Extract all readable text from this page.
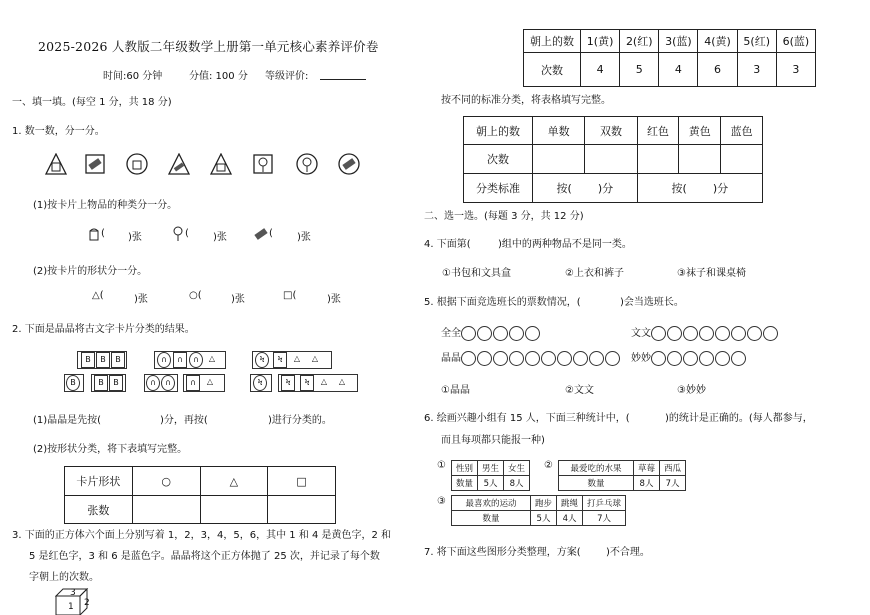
2025-2026 人教版二年级数学上册第一单元核心素养评价卷
时间:60 分钟	分值: 100 分 等级评价:
一、填一填。(每空 1 分，共 18 分)
1. 数一数，分一分。
(1)按卡片上物品的种类分一分。
( )张	( )张	( )张
(2)按卡片的形状分一分。
△(	)张	○(	)张	□(	)张
2. 下面是晶晶将古文字卡片分类的结果。
B	B	B
B	B	B
∩	∩	∩	△
∩	∩	∩	△
Ϟ	Ϟ	△	△
Ϟ	Ϟ	Ϟ	△	△
(1)晶晶是先按(	)分，再按(	)进行分类的。
(2)按形状分类，将下表填写完整。
卡片形状	○	△	□
张数			
3. 下面的正方体六个面上分别写着 1，2，3，4，5，6，其中 1 和 4 是黄色字，2 和
5 是红色字，3 和 6 是蓝色字。晶晶将这个正方体抛了 25 次，并记录了每个数
字朝上的次数。
3
1 2
朝上的数	1(黄)	2(红)	3(蓝)	4(黄)	5(红)	6(蓝)
次数	4	5	4	6	3	3
按不同的标准分类，将表格填写完整。
朝上的数	单数	双数	红色	黄色	蓝色
次数					
分类标准	按( )分		按( )分		
二、选一选。(每题 3 分，共 12 分)
4. 下面第(	)组中的两种物品不是同一类。
①书包和文具盒	②上衣和裤子	③袜子和课桌椅
5. 根据下面竞选班长的票数情况，(	)会当选班长。
全全	文文
晶晶	妙妙
①晶晶	②文文	③妙妙
6. 绘画兴趣小组有 15 人，下面三种统计中，(	)的统计是正确的。(每人都参与，
而且每项都只能报一种)
① 性别	男生	女生
数量	5人	8人
② 最爱吃的水果	草莓	西瓜
数量	8人	7人
③ 最喜欢的运动	跑步	跳绳	打乒乓球
数量	5人	4人	7人
7. 将下面这些图形分类整理，方案(	)不合理。
